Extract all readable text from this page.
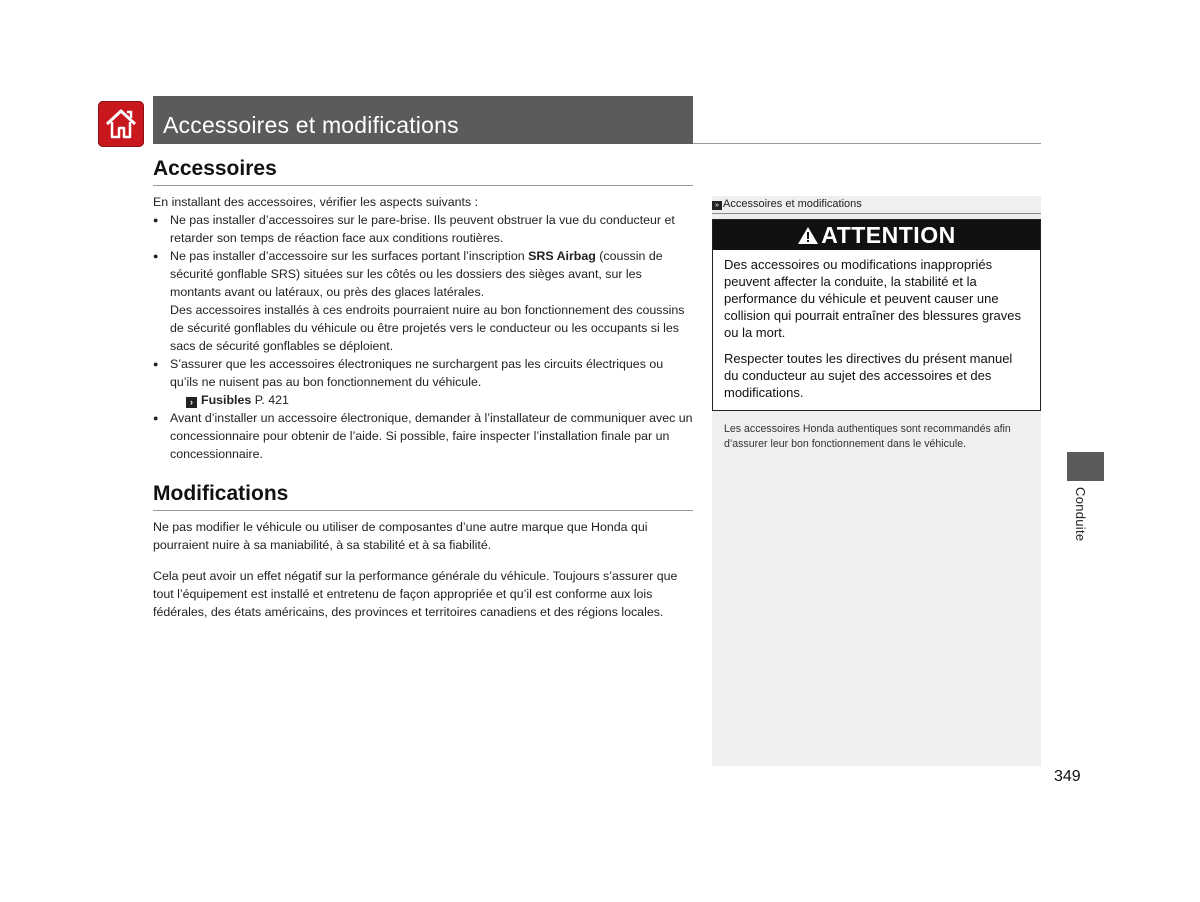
Accessoires et modifications
Accessoires

En installant des accessoires, vérifier les aspects suivants :

● Ne pas installer d’accessoires sur le pare-brise. Ils peuvent obstruer la vue du conducteur et retarder son temps de réaction face aux conditions routières.
● Ne pas installer d’accessoire sur les surfaces portant l’inscription SRS Airbag (coussin de sécurité gonflable SRS) situées sur les côtés ou les dossiers des sièges avant, sur les montants avant ou latéraux, ou près des glaces latérales.
Des accessoires installés à ces endroits pourraient nuire au bon fonctionnement des coussins de sécurité gonflables du véhicule ou être projetés vers le conducteur ou les occupants si les sacs de sécurité gonflables se déploient.
● S’assurer que les accessoires électroniques ne surchargent pas les circuits électriques ou qu’ils ne nuisent pas au bon fonctionnement du véhicule.
› Fusibles P. 421
● Avant d’installer un accessoire électronique, demander à l’installateur de communiquer avec un concessionnaire pour obtenir de l’aide. Si possible, faire inspecter l’installation finale par un concessionnaire.
Modifications

Ne pas modifier le véhicule ou utiliser de composantes d’une autre marque que Honda qui pourraient nuire à sa maniabilité, à sa stabilité et à sa fiabilité.

Cela peut avoir un effet négatif sur la performance générale du véhicule. Toujours s’assurer que tout l’équipement est installé et entretenu de façon appropriée et qu’il est conforme aux lois fédérales, des états américains, des provinces et territoires canadiens et des régions locales.

» Accessoires et modifications
ATTENTION

Des accessoires ou modifications inappropriés peuvent affecter la conduite, la stabilité et la performance du véhicule et peuvent causer une collision qui pourrait entraîner des blessures graves ou la mort.

Respecter toutes les directives du présent manuel du conducteur au sujet des accessoires et des modifications.

Les accessoires Honda authentiques sont recommandés afin d’assurer leur bon fonctionnement dans le véhicule.
Conduite
349
